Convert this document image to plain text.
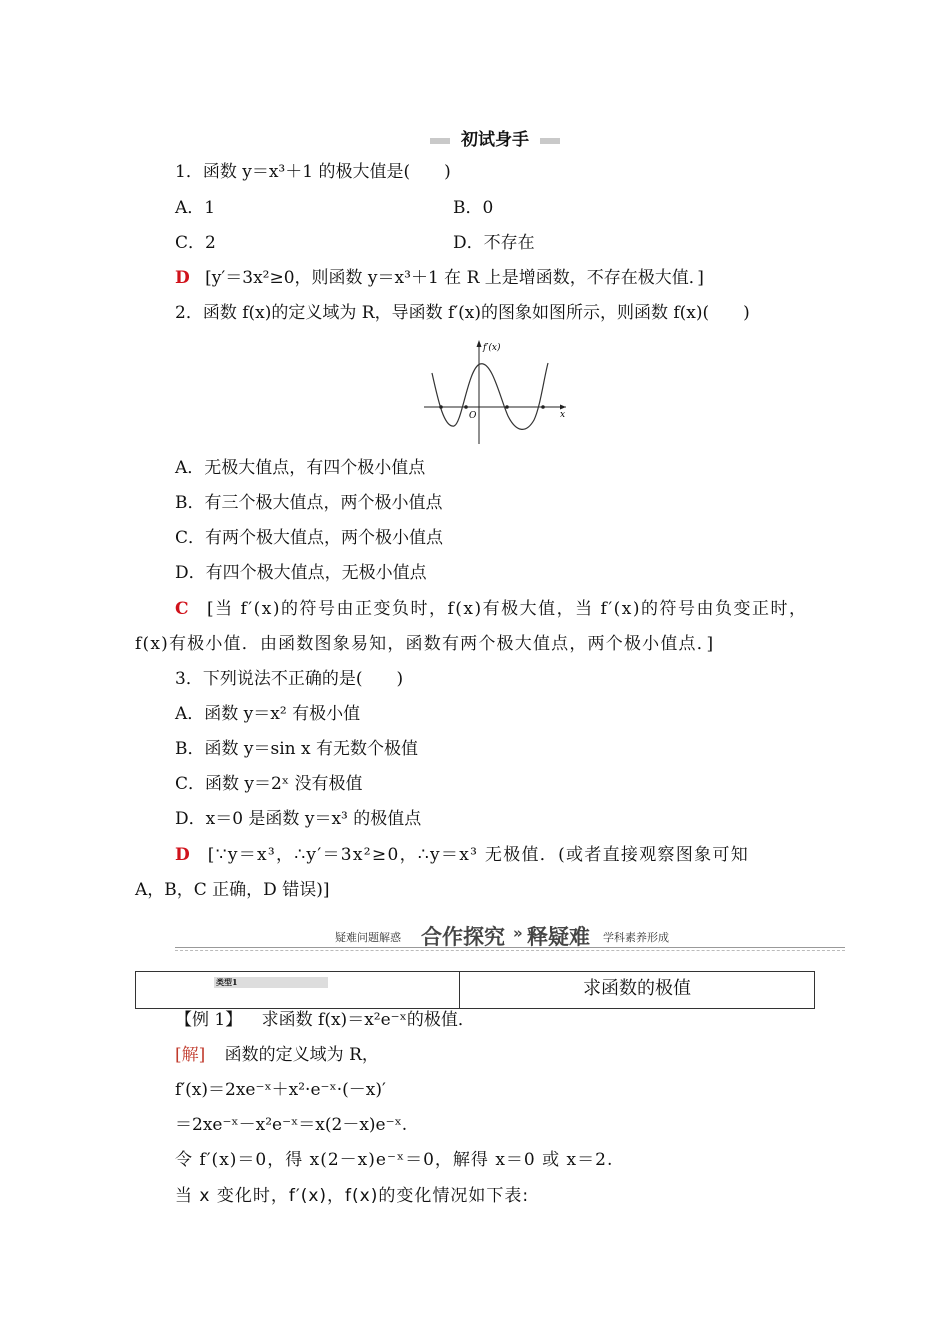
初试身手
1．函数 y＝x³＋1 的极大值是(　　)
A．1	B．0
C．2	D．不存在
D [y′＝3x²≥0，则函数 y＝x³＋1 在 R 上是增函数，不存在极大值．]
2．函数 f(x)的定义域为 R，导函数 f′(x)的图象如图所示，则函数 f(x)(　　)
f′(x)
x
O
A．无极大值点，有四个极小值点
B．有三个极大值点，两个极小值点
C．有两个极大值点，两个极小值点
D．有四个极大值点，无极小值点
C [当 f′(x)的符号由正变负时，f(x)有极大值，当 f′(x)的符号由负变正时，
f(x)有极小值．由函数图象易知，函数有两个极大值点，两个极小值点．]
3．下列说法不正确的是(　　)
A．函数 y＝x² 有极小值
B．函数 y＝sin x 有无数个极值
C．函数 y＝2ˣ 没有极值
D．x＝0 是函数 y＝x³ 的极值点
D [∵y＝x³，∴y′＝3x²≥0，∴y＝x³ 无极值．(或者直接观察图象可知
A，B，C 正确，D 错误)]
疑难问题解惑 合作探究 » 释疑难 学科素养形成
类型1	求函数的极值
【例 1】 求函数 f(x)＝x²e⁻ˣ的极值．
[解] 函数的定义域为 R，
f′(x)＝2xe⁻ˣ＋x²·e⁻ˣ·(－x)′
＝2xe⁻ˣ－x²e⁻ˣ＝x(2－x)e⁻ˣ.
令 f′(x)＝0，得 x(2－x)e⁻ˣ＝0，解得 x＝0 或 x＝2.
当 x 变化时，f′(x)，f(x)的变化情况如下表:
